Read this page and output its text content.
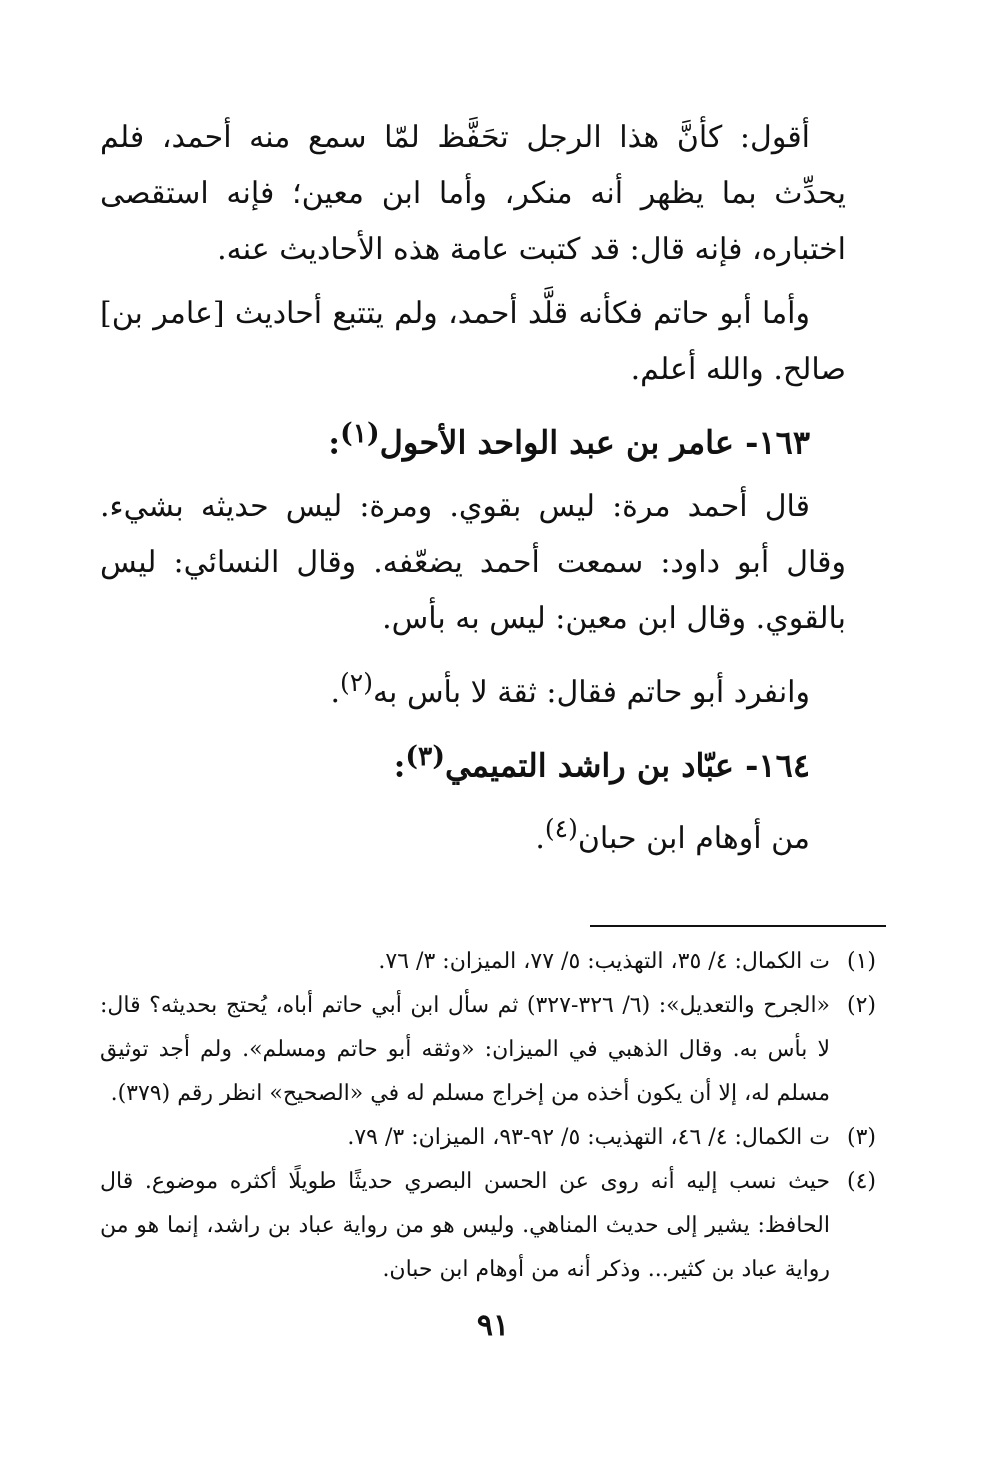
أقول: كأنَّ هذا الرجل تحَفَّظ لمّا سمع منه أحمد، فلم يحدِّث بما يظهر أنه منكر، وأما ابن معين؛ فإنه استقصى اختباره، فإنه قال: قد كتبت عامة هذه الأحاديث عنه.

وأما أبو حاتم فكأنه قلَّد أحمد، ولم يتتبع أحاديث [عامر بن] صالح. والله أعلم.

١٦٣- عامر بن عبد الواحد الأحول$^{(١)}$:

قال أحمد مرة: ليس بقوي. ومرة: ليس حديثه بشيء. وقال أبو داود: سمعت أحمد يضعّفه. وقال النسائي: ليس بالقوي. وقال ابن معين: ليس به بأس.

وانفرد أبو حاتم فقال: ثقة لا بأس به$^{(٢)}$.

١٦٤- عبّاد بن راشد التميمي$^{(٣)}$:

من أوهام ابن حبان$^{(٤)}$.

(١)
ت الكمال: ٤/ ٣٥، التهذيب: ٥/ ٧٧، الميزان: ٣/ ٧٦.
(٢)
«الجرح والتعديل»: (٦/ ٣٢٦-٣٢٧) ثم سأل ابن أبي حاتم أباه، يُحتج بحديثه؟ قال: لا بأس به. وقال الذهبي في الميزان: «وثقه أبو حاتم ومسلم». ولم أجد توثيق مسلم له، إلا أن يكون أخذه من إخراج مسلم له في «الصحيح» انظر رقم (٣٧٩).
(٣)
ت الكمال: ٤/ ٤٦، التهذيب: ٥/ ٩٢-٩٣، الميزان: ٣/ ٧٩.
(٤)
حيث نسب إليه أنه روى عن الحسن البصري حديثًا طويلًا أكثره موضوع. قال الحافظ: يشير إلى حديث المناهي. وليس هو من رواية عباد بن راشد، إنما هو من رواية عباد بن كثير... وذكر أنه من أوهام ابن حبان.
٩١
